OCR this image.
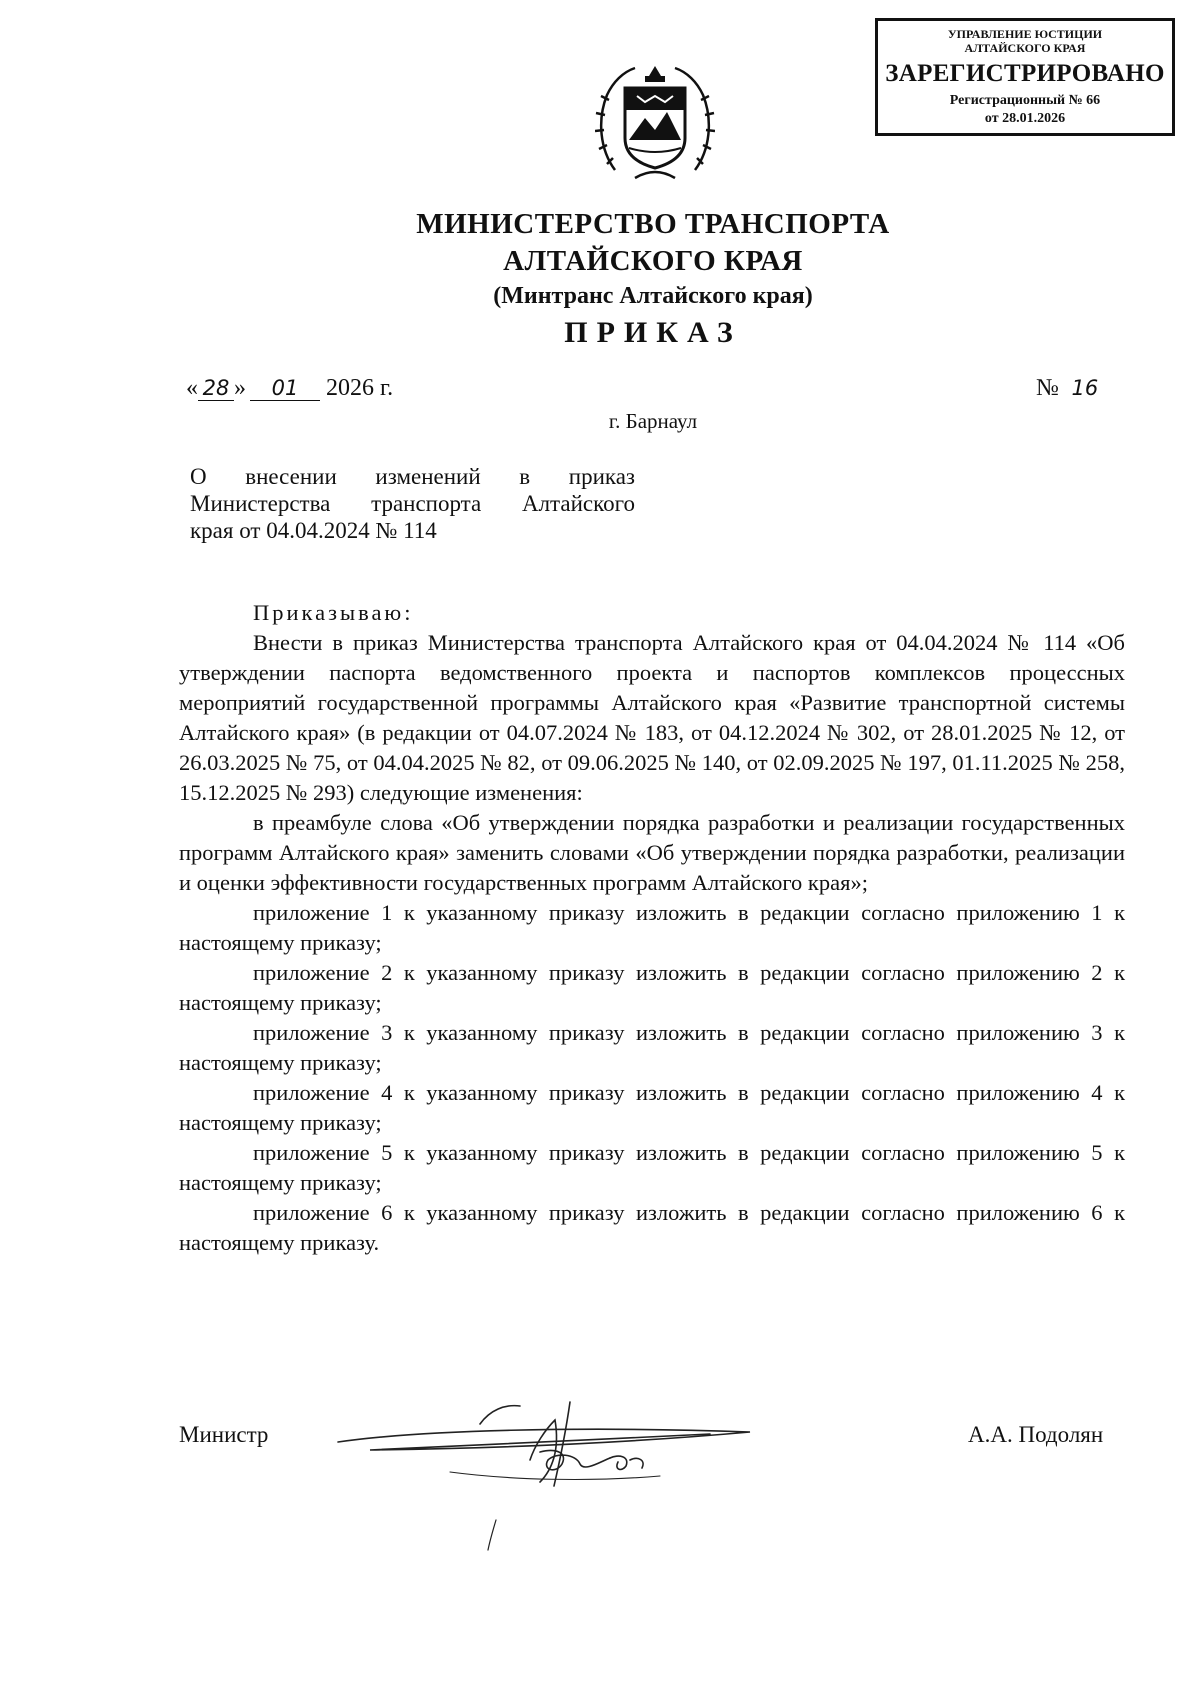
УПРАВЛЕНИЕ ЮСТИЦИИ
АЛТАЙСКОГО КРАЯ
ЗАРЕГИСТРИРОВАНО
Регистрационный № 66
от 28.01.2026
МИНИСТЕРСТВО ТРАНСПОРТА
АЛТАЙСКОГО КРАЯ
(Минтранс Алтайского края)
ПРИКАЗ
« 28 » 01 2026 г.	№ 16
г. Барнаул
О внесении изменений в приказ
Министерства транспорта Алтайского
края от 04.04.2024 № 114

Приказываю:

Внести в приказ Министерства транспорта Алтайского края от 04.04.2024 № 114 «Об утверждении паспорта ведомственного проекта и паспортов комплексов процессных мероприятий государственной программы Алтайского края «Развитие транспортной системы Алтайского края» (в редакции от 04.07.2024 № 183, от 04.12.2024 № 302, от 28.01.2025 № 12, от 26.03.2025 № 75, от 04.04.2025 № 82, от 09.06.2025 № 140, от 02.09.2025 № 197, 01.11.2025 № 258, 15.12.2025 № 293) следующие изменения:

в преамбуле слова «Об утверждении порядка разработки и реализации государственных программ Алтайского края» заменить словами «Об утверждении порядка разработки, реализации и оценки эффективности государственных программ Алтайского края»;

приложение 1 к указанному приказу изложить в редакции согласно приложению 1 к настоящему приказу;

приложение 2 к указанному приказу изложить в редакции согласно приложению 2 к настоящему приказу;

приложение 3 к указанному приказу изложить в редакции согласно приложению 3 к настоящему приказу;

приложение 4 к указанному приказу изложить в редакции согласно приложению 4 к настоящему приказу;

приложение 5 к указанному приказу изложить в редакции согласно приложению 5 к настоящему приказу;

приложение 6 к указанному приказу изложить в редакции согласно приложению 6 к настоящему приказу.

Министр	А.А. Подолян
